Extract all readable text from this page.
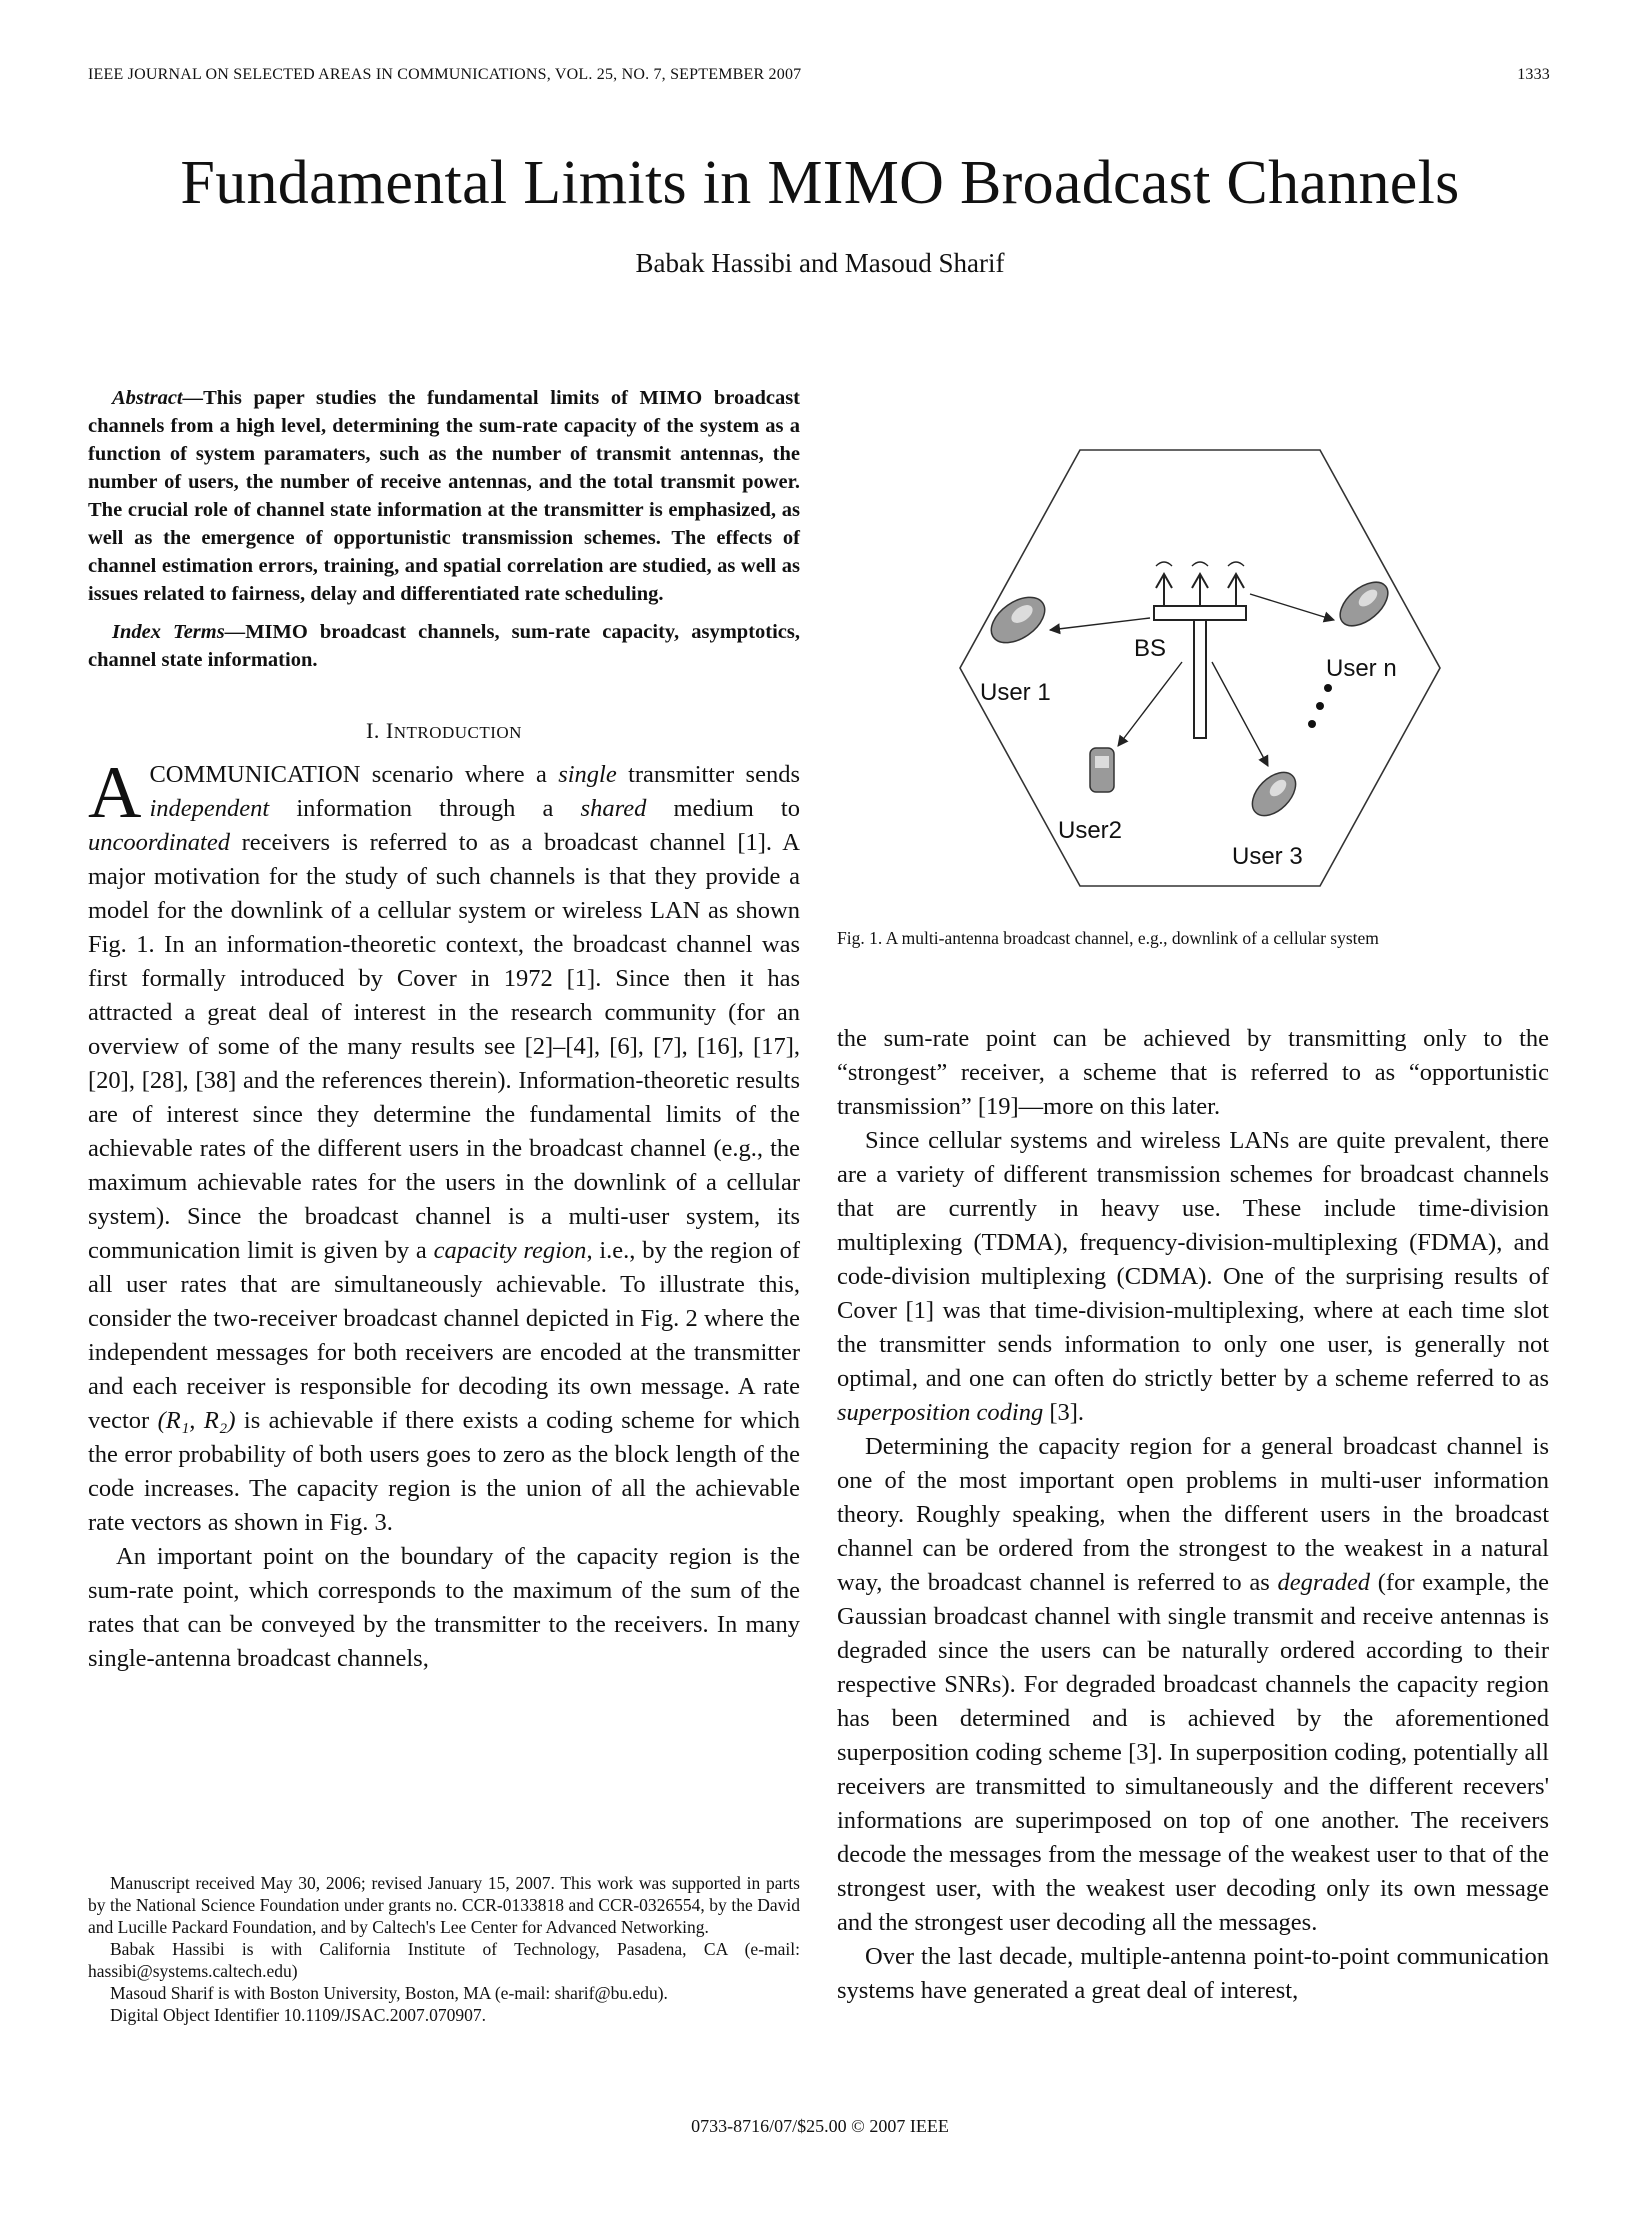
IEEE JOURNAL ON SELECTED AREAS IN COMMUNICATIONS, VOL. 25, NO. 7, SEPTEMBER 2007	1333
Fundamental Limits in MIMO Broadcast Channels
Babak Hassibi and Masoud Sharif

Abstract—This paper studies the fundamental limits of MIMO broadcast channels from a high level, determining the sum-rate capacity of the system as a function of system paramaters, such as the number of transmit antennas, the number of users, the number of receive antennas, and the total transmit power. The crucial role of channel state information at the transmitter is emphasized, as well as the emergence of opportunistic transmission schemes. The effects of channel estimation errors, training, and spatial correlation are studied, as well as issues related to fairness, delay and differentiated rate scheduling.

Index Terms—MIMO broadcast channels, sum-rate capacity, asymptotics, channel state information.

I. INTRODUCTION

A COMMUNICATION scenario where a single transmitter sends independent information through a shared medium to uncoordinated receivers is referred to as a broadcast channel [1]. A major motivation for the study of such channels is that they provide a model for the downlink of a cellular system or wireless LAN as shown Fig. 1. In an information-theoretic context, the broadcast channel was first formally introduced by Cover in 1972 [1]. Since then it has attracted a great deal of interest in the research community (for an overview of some of the many results see [2]–[4], [6], [7], [16], [17], [20], [28], [38] and the references therein). Information-theoretic results are of interest since they determine the fundamental limits of the achievable rates of the different users in the broadcast channel (e.g., the maximum achievable rates for the users in the downlink of a cellular system). Since the broadcast channel is a multi-user system, its communication limit is given by a capacity region, i.e., by the region of all user rates that are simultaneously achievable. To illustrate this, consider the two-receiver broadcast channel depicted in Fig. 2 where the independent messages for both receivers are encoded at the transmitter and each receiver is responsible for decoding its own message. A rate vector (R₁, R₂) is achievable if there exists a coding scheme for which the error probability of both users goes to zero as the block length of the code increases. The capacity region is the union of all the achievable rate vectors as shown in Fig. 3.

An important point on the boundary of the capacity region is the sum-rate point, which corresponds to the maximum of the sum of the rates that can be conveyed by the transmitter to the receivers. In many single-antenna broadcast channels,

Manuscript received May 30, 2006; revised January 15, 2007. This work was supported in parts by the National Science Foundation under grants no. CCR-0133818 and CCR-0326554, by the David and Lucille Packard Foundation, and by Caltech's Lee Center for Advanced Networking.

Babak Hassibi is with California Institute of Technology, Pasadena, CA (e-mail: hassibi@systems.caltech.edu)

Masoud Sharif is with Boston University, Boston, MA (e-mail: sharif@bu.edu).

Digital Object Identifier 10.1109/JSAC.2007.070907.

BS
User 1
User2
User 3
User n
Fig. 1. A multi-antenna broadcast channel, e.g., downlink of a cellular system

the sum-rate point can be achieved by transmitting only to the “strongest” receiver, a scheme that is referred to as “opportunistic transmission” [19]—more on this later.

Since cellular systems and wireless LANs are quite prevalent, there are a variety of different transmission schemes for broadcast channels that are currently in heavy use. These include time-division multiplexing (TDMA), frequency-division-multiplexing (FDMA), and code-division multiplexing (CDMA). One of the surprising results of Cover [1] was that time-division-multiplexing, where at each time slot the transmitter sends information to only one user, is generally not optimal, and one can often do strictly better by a scheme referred to as superposition coding [3].

Determining the capacity region for a general broadcast channel is one of the most important open problems in multi-user information theory. Roughly speaking, when the different users in the broadcast channel can be ordered from the strongest to the weakest in a natural way, the broadcast channel is referred to as degraded (for example, the Gaussian broadcast channel with single transmit and receive antennas is degraded since the users can be naturally ordered according to their respective SNRs). For degraded broadcast channels the capacity region has been determined and is achieved by the aforementioned superposition coding scheme [3]. In superposition coding, potentially all receivers are transmitted to simultaneously and the different recevers' informations are superimposed on top of one another. The receivers decode the messages from the message of the weakest user to that of the strongest user, with the weakest user decoding only its own message and the strongest user decoding all the messages.

Over the last decade, multiple-antenna point-to-point communication systems have generated a great deal of interest,

0733-8716/07/$25.00 © 2007 IEEE
